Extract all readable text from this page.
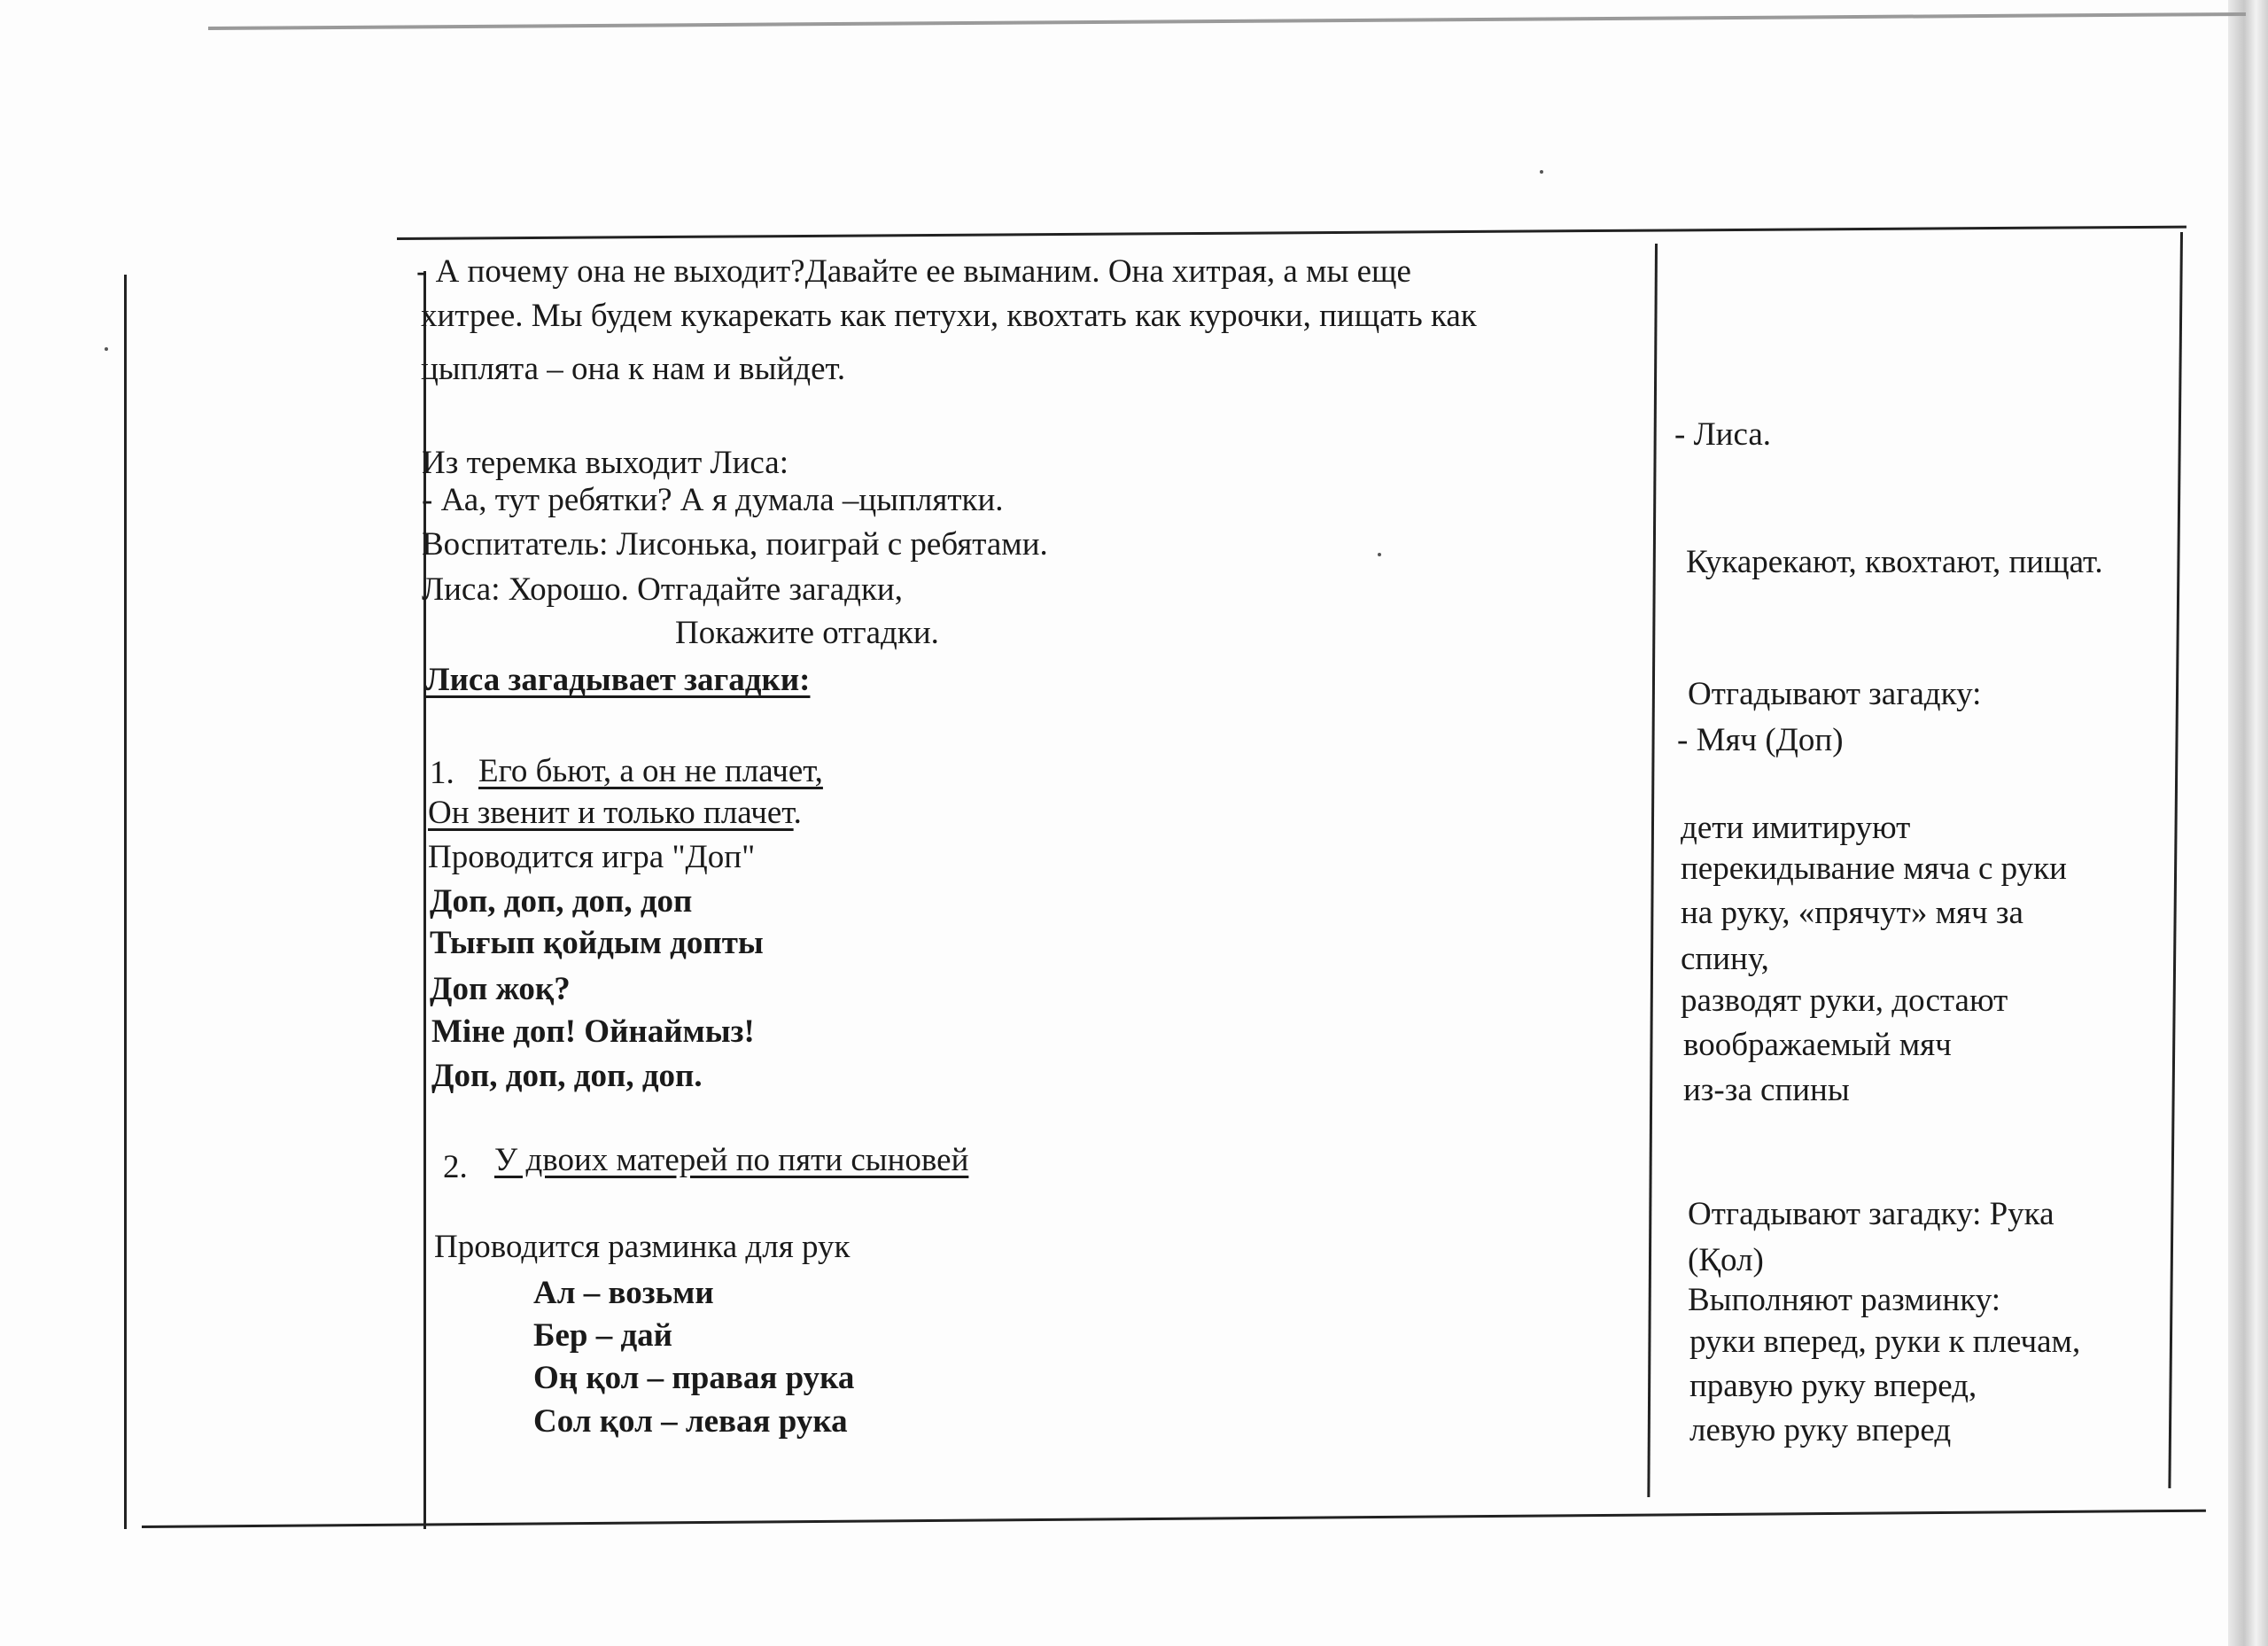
- А почему она не выходит?Давайте ее выманим. Она хитрая, а мы еще
хитрее. Мы будем кукарекать как петухи, квохтать как курочки, пищать как
цыплята – она к нам и выйдет.
Из теремка выходит Лиса:
- Аа, тут ребятки? А я думала –цыплятки.
Воспитатель: Лисонька, поиграй с ребятами.
Лиса: Хорошо. Отгадайте загадки,
Покажите отгадки.
Лиса загадывает загадки:
1. Его бьют, а он не плачет,
Он звенит и только плачет.
Проводится игра "Доп"
Доп, доп, доп, доп
Тығып қойдым допты
Доп жоқ?
Міне доп! Ойнаймыз!
Доп, доп, доп, доп.
2. У двоих матерей по пяти сыновей
Проводится разминка для рук
Ал – возьми
Бер – дай
Оң қол – правая рука
Сол қол – левая рука
- Лиса.
Кукарекают, квохтают, пищат.
Отгадывают загадку:
- Мяч (Доп)
дети имитируют
перекидывание мяча с руки
на руку, «прячут» мяч за
спину,
разводят руки, достают
воображаемый мяч
из-за спины
Отгадывают загадку: Рука
(Қол)
Выполняют разминку:
руки вперед, руки к плечам,
правую руку вперед,
левую руку вперед
